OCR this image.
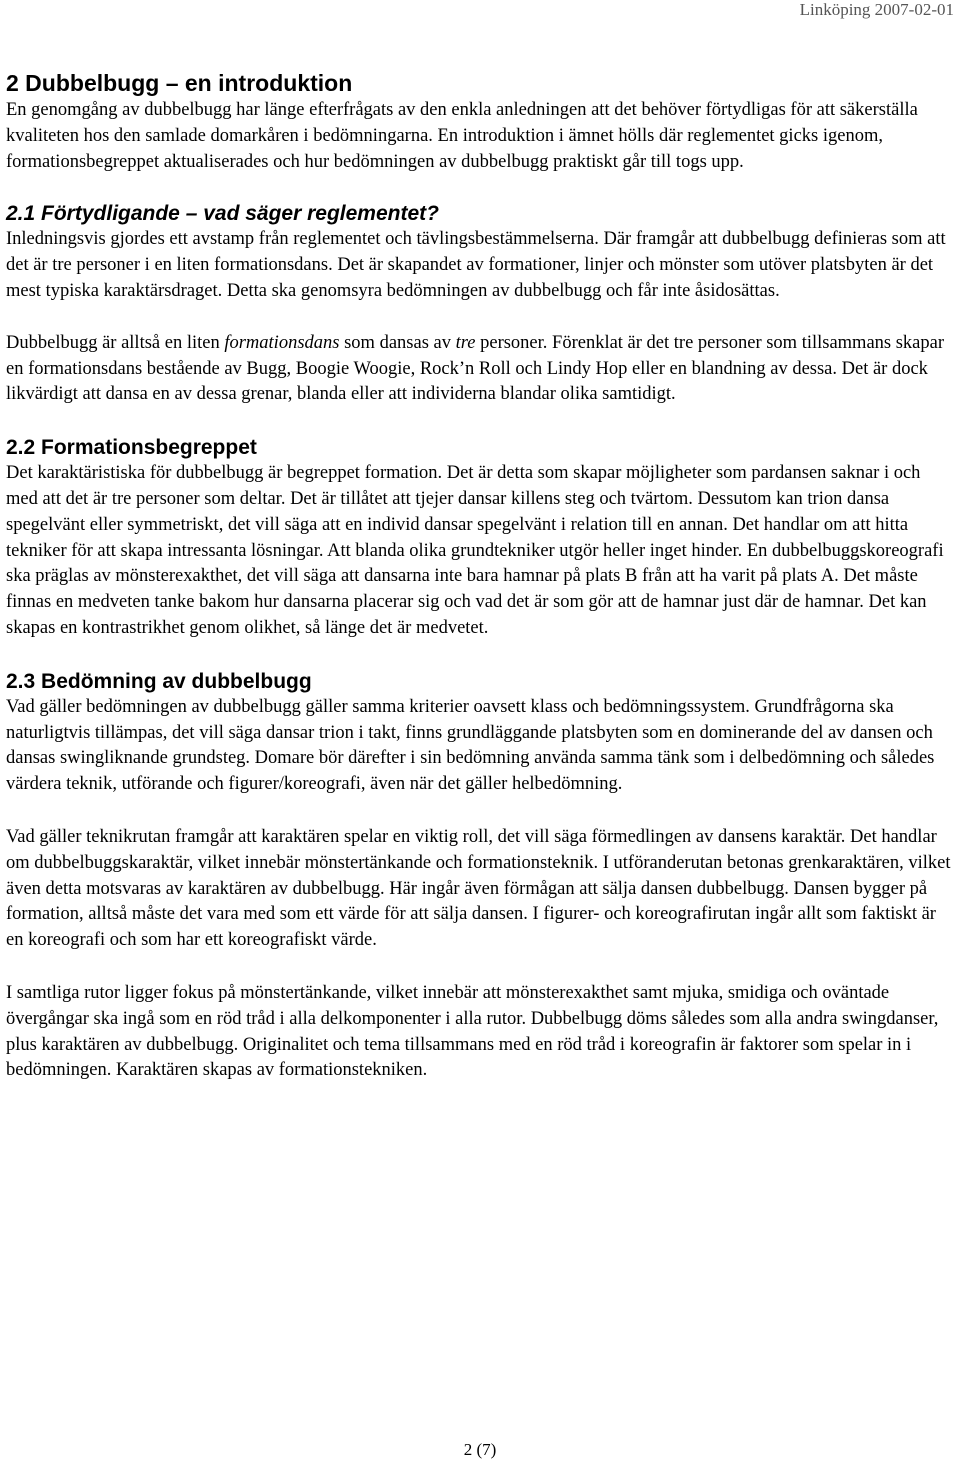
Linköping 2007-02-01
2 Dubbelbugg – en introduktion

En genomgång av dubbelbugg har länge efterfrågats av den enkla anledningen att det behöver förtydligas för att säkerställa kvaliteten hos den samlade domarkåren i bedömningarna. En introduktion i ämnet hölls där reglementet gicks igenom, formationsbegreppet aktualiserades och hur bedömningen av dubbelbugg praktiskt går till togs upp.

2.1 Förtydligande – vad säger reglementet?

Inledningsvis gjordes ett avstamp från reglementet och tävlingsbestämmelserna. Där framgår att dubbelbugg definieras som att det är tre personer i en liten formationsdans. Det är skapandet av formationer, linjer och mönster som utöver platsbyten är det mest typiska karaktärsdraget. Detta ska genomsyra bedömningen av dubbelbugg och får inte åsidosättas.

Dubbelbugg är alltså en liten formationsdans som dansas av tre personer. Förenklat är det tre personer som tillsammans skapar en formationsdans bestående av Bugg, Boogie Woogie, Rock’n Roll och Lindy Hop eller en blandning av dessa. Det är dock likvärdigt att dansa en av dessa grenar, blanda eller att individerna blandar olika samtidigt.

2.2 Formationsbegreppet

Det karaktäristiska för dubbelbugg är begreppet formation. Det är detta som skapar möjligheter som pardansen saknar i och med att det är tre personer som deltar. Det är tillåtet att tjejer dansar killens steg och tvärtom. Dessutom kan trion dansa spegelvänt eller symmetriskt, det vill säga att en individ dansar spegelvänt i relation till en annan. Det handlar om att hitta tekniker för att skapa intressanta lösningar. Att blanda olika grundtekniker utgör heller inget hinder. En dubbelbuggskoreografi ska präglas av mönsterexakthet, det vill säga att dansarna inte bara hamnar på plats B från att ha varit på plats A. Det måste finnas en medveten tanke bakom hur dansarna placerar sig och vad det är som gör att de hamnar just där de hamnar. Det kan skapas en kontrastrikhet genom olikhet, så länge det är medvetet.

2.3 Bedömning av dubbelbugg

Vad gäller bedömningen av dubbelbugg gäller samma kriterier oavsett klass och bedömningssystem. Grundfrågorna ska naturligtvis tillämpas, det vill säga dansar trion i takt, finns grundläggande platsbyten som en dominerande del av dansen och dansas swingliknande grundsteg. Domare bör därefter i sin bedömning använda samma tänk som i delbedömning och således värdera teknik, utförande och figurer/koreografi, även när det gäller helbedömning.

Vad gäller teknikrutan framgår att karaktären spelar en viktig roll, det vill säga förmedlingen av dansens karaktär. Det handlar om dubbelbuggskaraktär, vilket innebär mönstertänkande och formationsteknik. I utföranderutan betonas grenkaraktären, vilket även detta motsvaras av karaktären av dubbelbugg. Här ingår även förmågan att sälja dansen dubbelbugg. Dansen bygger på formation, alltså måste det vara med som ett värde för att sälja dansen. I figurer- och koreografirutan ingår allt som faktiskt är en koreografi och som har ett koreografiskt värde.

I samtliga rutor ligger fokus på mönstertänkande, vilket innebär att mönsterexakthet samt mjuka, smidiga och oväntade övergångar ska ingå som en röd tråd i alla delkomponenter i alla rutor. Dubbelbugg döms således som alla andra swingdanser, plus karaktären av dubbelbugg. Originalitet och tema tillsammans med en röd tråd i koreografin är faktorer som spelar in i bedömningen. Karaktären skapas av formationstekniken.

2 (7)
